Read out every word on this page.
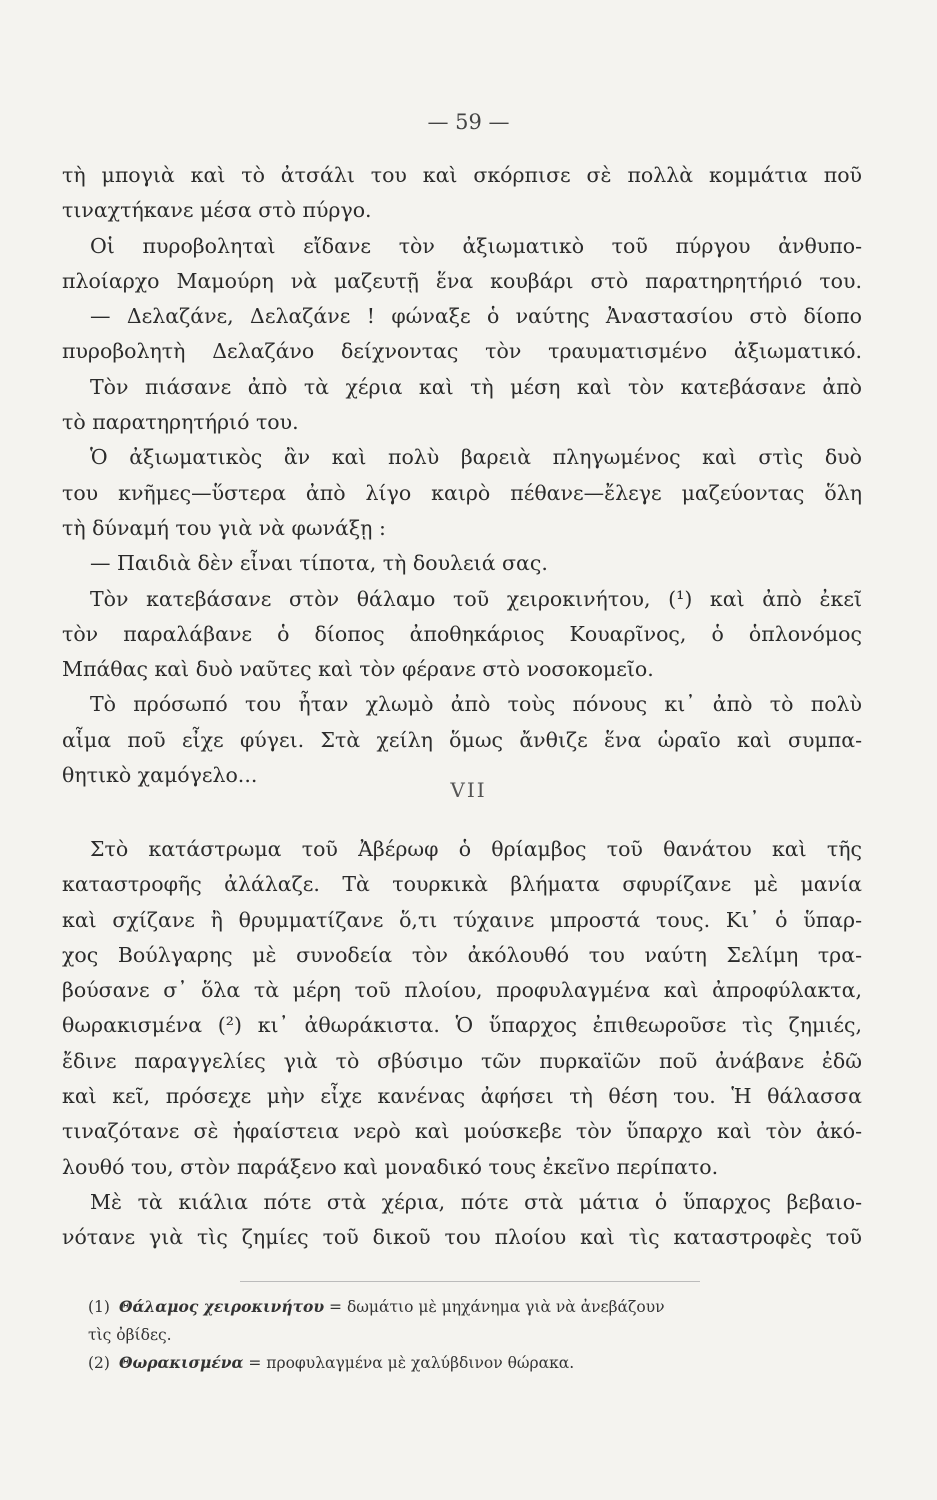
— 59 —
τὴ μπογιὰ καὶ τὸ ἀτσάλι του καὶ σκόρπισε σὲ πολλὰ κομμάτια ποῦ
τιναχτήκανε μέσα στὸ πύργο.
Οἱ πυροβοληταὶ εἴδανε τὸν ἀξιωματικὸ τοῦ πύργου ἀνθυπο-
πλοίαρχο Μαμούρη νὰ μαζευτῇ ἕνα κουβάρι στὸ παρατηρητήριό του.
— Δελαζάνε, Δελαζάνε ! φώναξε ὁ ναύτης Ἀναστασίου στὸ δίοπο
πυροβολητὴ Δελαζάνο δείχνοντας τὸν τραυματισμένο ἀξιωματικό.
Τὸν πιάσανε ἀπὸ τὰ χέρια καὶ τὴ μέση καὶ τὸν κατεβάσανε ἀπὸ
τὸ παρατηρητήριό του.
Ὁ ἀξιωματικὸς ἂν καὶ πολὺ βαρειὰ πληγωμένος καὶ στὶς δυὸ
του κνῆμες—ὕστερα ἀπὸ λίγο καιρὸ πέθανε—ἔλεγε μαζεύοντας ὅλη
τὴ δύναμή του γιὰ νὰ φωνάξῃ :
— Παιδιὰ δὲν εἶναι τίποτα, τὴ δουλειά σας.
Τὸν κατεβάσανε στὸν θάλαμο τοῦ χειροκινήτου, (¹) καὶ ἀπὸ ἐκεῖ
τὸν παραλάβανε ὁ δίοπος ἀποθηκάριος Κουαρῖνος, ὁ ὁπλονόμος
Μπάθας καὶ δυὸ ναῦτες καὶ τὸν φέρανε στὸ νοσοκομεῖο.
Τὸ πρόσωπό του ἦταν χλωμὸ ἀπὸ τοὺς πόνους κι᾿ ἀπὸ τὸ πολὺ
αἷμα ποῦ εἶχε φύγει. Στὰ χείλη ὅμως ἄνθιζε ἕνα ὡραῖο καὶ συμπα-
θητικὸ χαμόγελο...
VII
Στὸ κατάστρωμα τοῦ Ἀβέρωφ ὁ θρίαμβος τοῦ θανάτου καὶ τῆς
καταστροφῆς ἀλάλαζε. Τὰ τουρκικὰ βλήματα σφυρίζανε μὲ μανία
καὶ σχίζανε ἢ θρυμματίζανε ὅ,τι τύχαινε μπροστά τους. Κι᾿ ὁ ὕπαρ-
χος Βούλγαρης μὲ συνοδεία τὸν ἀκόλουθό του ναύτη Σελίμη τρα-
βούσανε σ᾿ ὅλα τὰ μέρη τοῦ πλοίου, προφυλαγμένα καὶ ἀπροφύλακτα,
θωρακισμένα (²) κι᾿ ἀθωράκιστα. Ὁ ὕπαρχος ἐπιθεωροῦσε τὶς ζημιές,
ἔδινε παραγγελίες γιὰ τὸ σβύσιμο τῶν πυρκαϊῶν ποῦ ἀνάβανε ἐδῶ
καὶ κεῖ, πρόσεχε μὴν εἶχε κανένας ἀφήσει τὴ θέση του. Ἡ θάλασσα
τιναζότανε σὲ ἡφαίστεια νερὸ καὶ μούσκεβε τὸν ὕπαρχο καὶ τὸν ἀκό-
λουθό του, στὸν παράξενο καὶ μοναδικό τους ἐκεῖνο περίπατο.
Μὲ τὰ κιάλια πότε στὰ χέρια, πότε στὰ μάτια ὁ ὕπαρχος βεβαιο-
νότανε γιὰ τὶς ζημίες τοῦ δικοῦ του πλοίου καὶ τὶς καταστροφὲς τοῦ
(1) Θάλαμος χειροκινήτου = δωμάτιο μὲ μηχάνημα γιὰ νὰ ἀνεβάζουν
τὶς ὀβίδες.
(2) Θωρακισμένα = προφυλαγμένα μὲ χαλύβδινον θώρακα.
